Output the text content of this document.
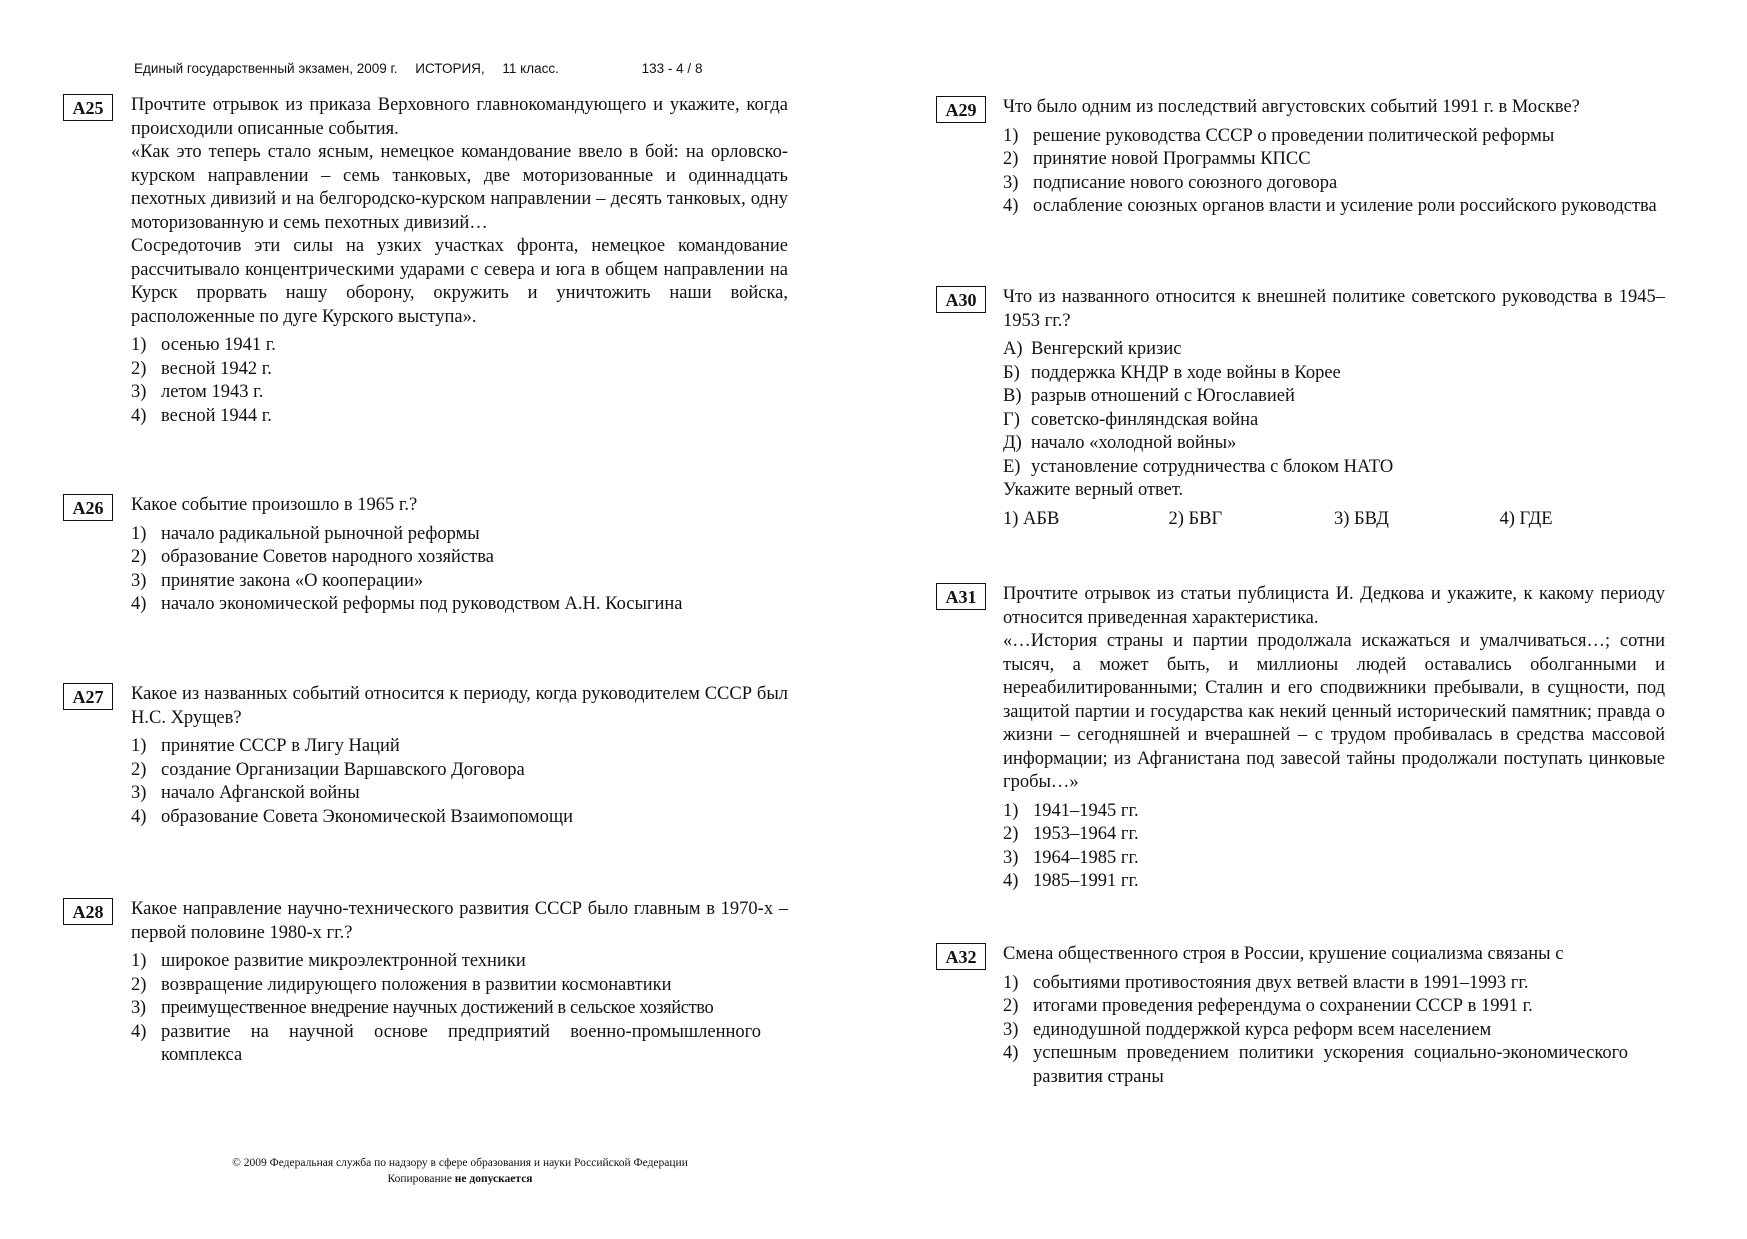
Единый государственный экзамен, 2009 г. ИСТОРИЯ, 11 класс.	133 - 4 / 8
A25	Прочтите отрывок из приказа Верховного главнокомандующего и укажите, когда происходили описанные события.

«Как это теперь стало ясным, немецкое командование ввело в бой: на орловско-курском направлении – семь танковых, две моторизованные и одиннадцать пехотных дивизий и на белгородско-курском направлении – десять танковых, одну моторизованную и семь пехотных дивизий…

Сосредоточив эти силы на узких участках фронта, немецкое командование рассчитывало концентрическими ударами с севера и юга в общем направлении на Курск прорвать нашу оборону, окружить и уничтожить наши войска, расположенные по дуге Курского выступа».

1) осенью 1941 г.
2) весной 1942 г.
3) летом 1943 г.
4) весной 1944 г.
A26	Какое событие произошло в 1965 г.?

1) начало радикальной рыночной реформы
2) образование Советов народного хозяйства
3) принятие закона «О кооперации»
4) начало экономической реформы под руководством А.Н. Косыгина
A27	Какое из названных событий относится к периоду, когда руководителем СССР был Н.С. Хрущев?

1) принятие СССР в Лигу Наций
2) создание Организации Варшавского Договора
3) начало Афганской войны
4) образование Совета Экономической Взаимопомощи
A28	Какое направление научно-технического развития СССР было главным в 1970-х – первой половине 1980-х гг.?

1) широкое развитие микроэлектронной техники
2) возвращение лидирующего положения в развитии космонавтики
3) преимущественное внедрение научных достижений в сельское хозяйство
4) развитие на научной основе предприятий военно-промышленного комплекса
A29	Что было одним из последствий августовских событий 1991 г. в Москве?

1) решение руководства СССР о проведении политической реформы
2) принятие новой Программы КПСС
3) подписание нового союзного договора
4) ослабление союзных органов власти и усиление роли российского руководства
A30	Что из названного относится к внешней политике советского руководства в 1945–1953 гг.?

А) Венгерский кризис
Б) поддержка КНДР в ходе войны в Корее
В) разрыв отношений с Югославией
Г) советско-финляндская война
Д) начало «холодной войны»
Е) установление сотрудничества с блоком НАТО

Укажите верный ответ.

1) АБВ	2) БВГ	3) БВД	4) ГДЕ
A31	Прочтите отрывок из статьи публициста И. Дедкова и укажите, к какому периоду относится приведенная характеристика.

«…История страны и партии продолжала искажаться и умалчиваться…; сотни тысяч, а может быть, и миллионы людей оставались оболганными и нереабилитированными; Сталин и его сподвижники пребывали, в сущности, под защитой партии и государства как некий ценный исторический памятник; правда о жизни – сегодняшней и вчерашней – с трудом пробивалась в средства массовой информации; из Афганистана под завесой тайны продолжали поступать цинковые гробы…»

1) 1941–1945 гг.
2) 1953–1964 гг.
3) 1964–1985 гг.
4) 1985–1991 гг.
A32	Смена общественного строя в России, крушение социализма связаны с

1) событиями противостояния двух ветвей власти в 1991–1993 гг.
2) итогами проведения референдума о сохранении СССР в 1991 г.
3) единодушной поддержкой курса реформ всем населением
4) успешным проведением политики ускорения социально-экономического развития страны
© 2009 Федеральная служба по надзору в сфере образования и науки Российской Федерации
Копирование не допускается
